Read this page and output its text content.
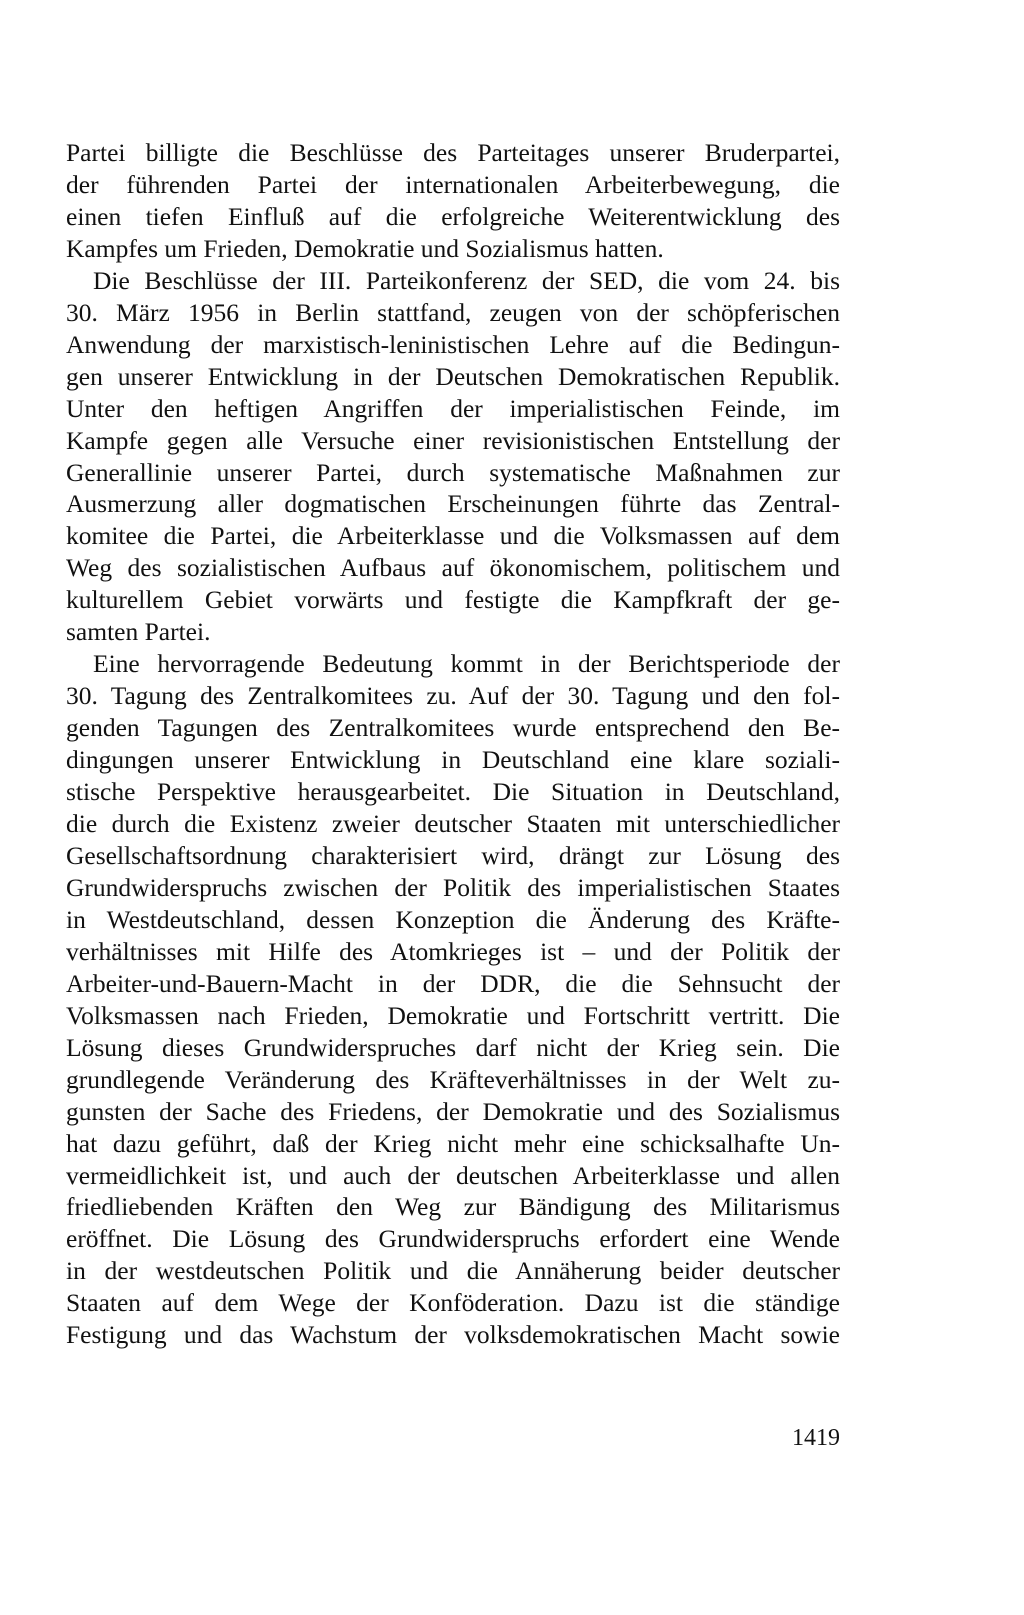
Partei billigte die Beschlüsse des Parteitages unserer Bruderpartei,
der führenden Partei der internationalen Arbeiterbewegung, die
einen tiefen Einfluß auf die erfolgreiche Weiterentwicklung des
Kampfes um Frieden, Demokratie und Sozialismus hatten.
Die Beschlüsse der III. Parteikonferenz der SED, die vom 24. bis
30. März 1956 in Berlin stattfand, zeugen von der schöpferischen
Anwendung der marxistisch-leninistischen Lehre auf die Bedingun-
gen unserer Entwicklung in der Deutschen Demokratischen Republik.
Unter den heftigen Angriffen der imperialistischen Feinde, im
Kampfe gegen alle Versuche einer revisionistischen Entstellung der
Generallinie unserer Partei, durch systematische Maßnahmen zur
Ausmerzung aller dogmatischen Erscheinungen führte das Zentral-
komitee die Partei, die Arbeiterklasse und die Volksmassen auf dem
Weg des sozialistischen Aufbaus auf ökonomischem, politischem und
kulturellem Gebiet vorwärts und festigte die Kampfkraft der ge-
samten Partei.
Eine hervorragende Bedeutung kommt in der Berichtsperiode der
30. Tagung des Zentralkomitees zu. Auf der 30. Tagung und den fol-
genden Tagungen des Zentralkomitees wurde entsprechend den Be-
dingungen unserer Entwicklung in Deutschland eine klare soziali-
stische Perspektive herausgearbeitet. Die Situation in Deutschland,
die durch die Existenz zweier deutscher Staaten mit unterschiedlicher
Gesellschaftsordnung charakterisiert wird, drängt zur Lösung des
Grundwiderspruchs zwischen der Politik des imperialistischen Staates
in Westdeutschland, dessen Konzeption die Änderung des Kräfte-
verhältnisses mit Hilfe des Atomkrieges ist – und der Politik der
Arbeiter-und-Bauern-Macht in der DDR, die die Sehnsucht der
Volksmassen nach Frieden, Demokratie und Fortschritt vertritt. Die
Lösung dieses Grundwiderspruches darf nicht der Krieg sein. Die
grundlegende Veränderung des Kräfteverhältnisses in der Welt zu-
gunsten der Sache des Friedens, der Demokratie und des Sozialismus
hat dazu geführt, daß der Krieg nicht mehr eine schicksalhafte Un-
vermeidlichkeit ist, und auch der deutschen Arbeiterklasse und allen
friedliebenden Kräften den Weg zur Bändigung des Militarismus
eröffnet. Die Lösung des Grundwiderspruchs erfordert eine Wende
in der westdeutschen Politik und die Annäherung beider deutscher
Staaten auf dem Wege der Konföderation. Dazu ist die ständige
Festigung und das Wachstum der volksdemokratischen Macht sowie
1419
